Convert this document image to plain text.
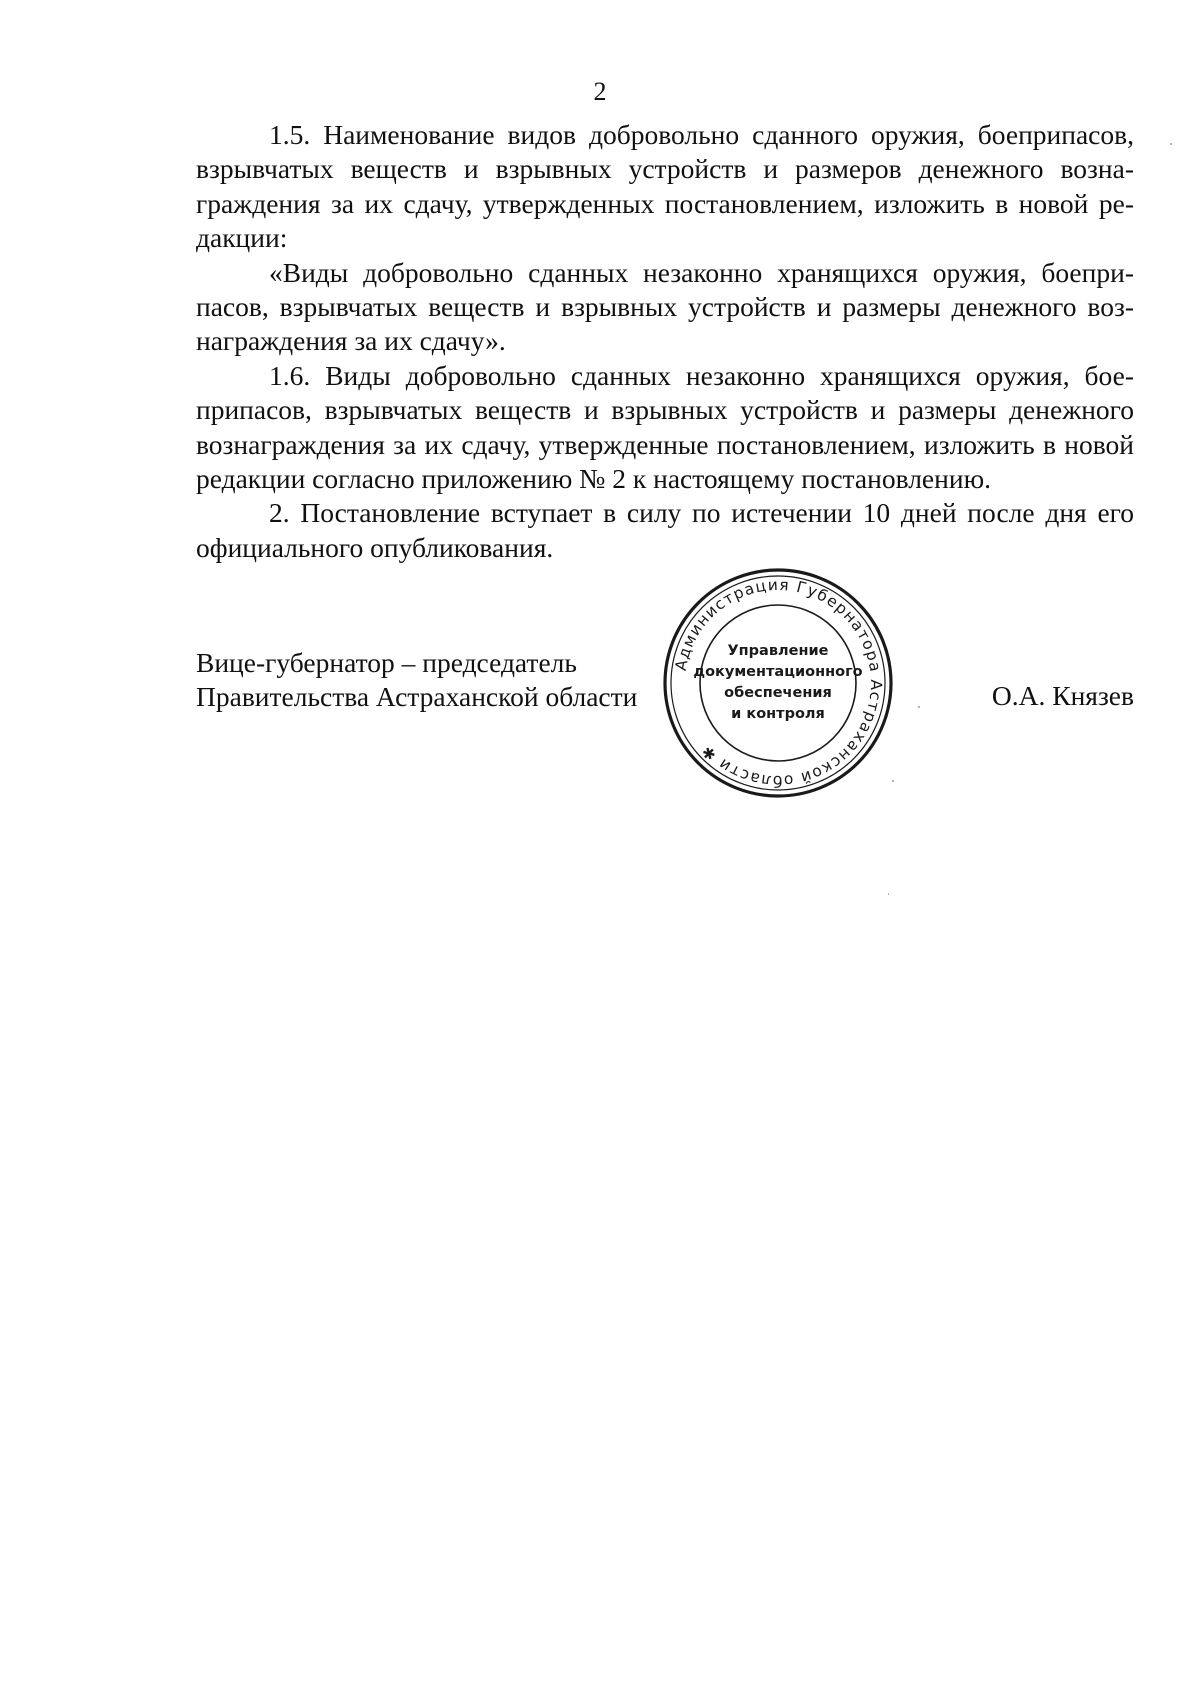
2

1.5. Наименование видов добровольно сданного оружия, боеприпасов, взрывчатых веществ и взрывных устройств и размеров денежного вознаграждения за их сдачу, утвержденных постановлением, изложить в новой редакции:

«Виды добровольно сданных незаконно хранящихся оружия, боеприпасов, взрывчатых веществ и взрывных устройств и размеры денежного вознаграждения за их сдачу».

1.6. Виды добровольно сданных незаконно хранящихся оружия, боеприпасов, взрывчатых веществ и взрывных устройств и размеры денежного вознаграждения за их сдачу, утвержденные постановлением, изложить в новой редакции согласно приложению № 2 к настоящему постановлению.

2. Постановление вступает в силу по истечении 10 дней после дня его официального опубликования.

Вице-губернатор – председатель
Правительства Астраханской области
Администрация Губернатора Астраханской области ✱
Управление
документационного
обеспечения
и контроля
О.А. Князев
